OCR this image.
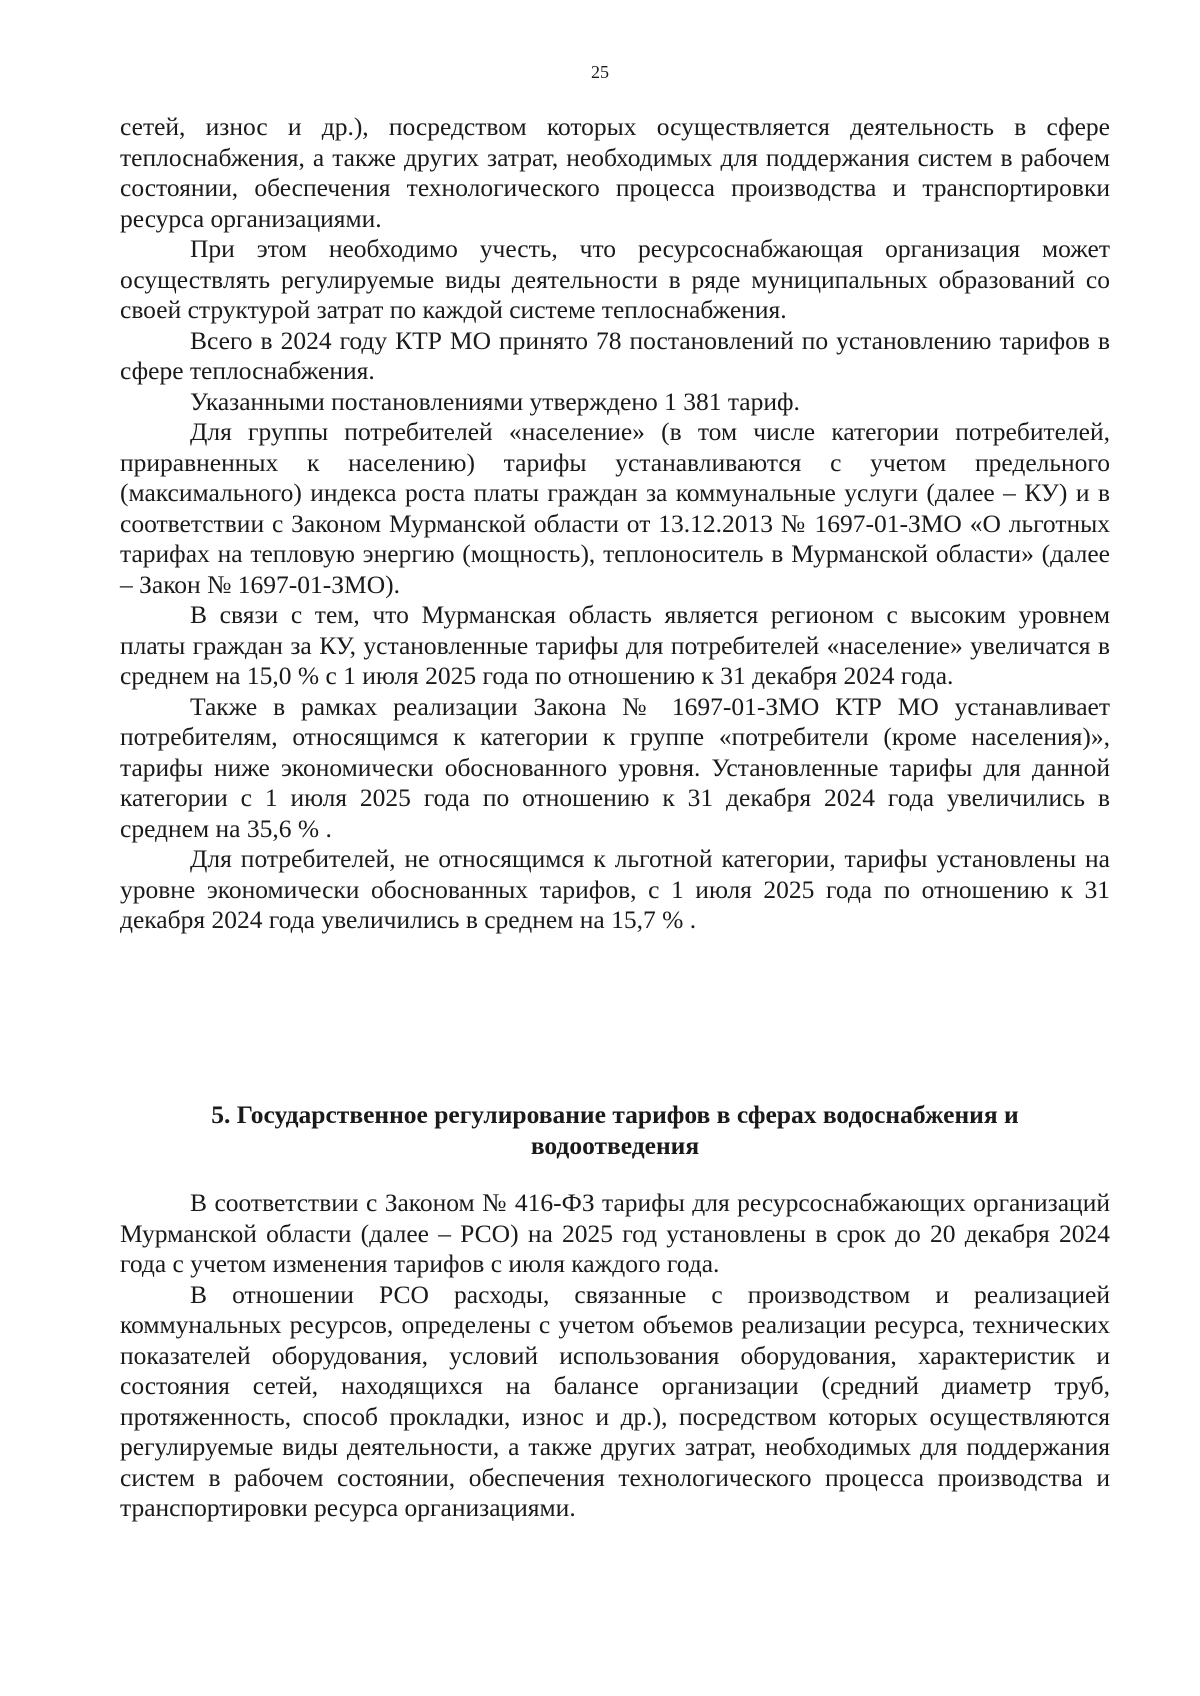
25

сетей, износ и др.), посредством которых осуществляется деятельность в сфере теплоснабжения, а также других затрат, необходимых для поддержания систем в рабочем состоянии, обеспечения технологического процесса производства и транспортировки ресурса организациями.

При этом необходимо учесть, что ресурсоснабжающая организация может осуществлять регулируемые виды деятельности в ряде муниципальных образований со своей структурой затрат по каждой системе теплоснабжения.

Всего в 2024 году КТР МО принято 78 постановлений по установлению тарифов в сфере теплоснабжения.

Указанными постановлениями утверждено 1 381 тариф.

Для группы потребителей «население» (в том числе категории потребителей, приравненных к населению) тарифы устанавливаются с учетом предельного (максимального) индекса роста платы граждан за коммунальные услуги (далее – КУ) и в соответствии с Законом Мурманской области от 13.12.2013 № 1697-01-ЗМО «О льготных тарифах на тепловую энергию (мощность), теплоноситель в Мурманской области» (далее – Закон № 1697-01-ЗМО).

В связи с тем, что Мурманская область является регионом с высоким уровнем платы граждан за КУ, установленные тарифы для потребителей «население» увеличатся в среднем на 15,0 % с 1 июля 2025 года по отношению к 31 декабря 2024 года.

Также в рамках реализации Закона № 1697-01-ЗМО КТР МО устанавливает потребителям, относящимся к категории к группе «потребители (кроме населения)», тарифы ниже экономически обоснованного уровня. Установленные тарифы для данной категории с 1 июля 2025 года по отношению к 31 декабря 2024 года увеличились в среднем на 35,6 % .

Для потребителей, не относящимся к льготной категории, тарифы установлены на уровне экономически обоснованных тарифов, с 1 июля 2025 года по отношению к 31 декабря 2024 года увеличились в среднем на 15,7 % .

5. Государственное регулирование тарифов в сферах водоснабжения и
водоотведения

В соответствии с Законом № 416-ФЗ тарифы для ресурсоснабжающих организаций Мурманской области (далее – РСО) на 2025 год установлены в срок до 20 декабря 2024 года с учетом изменения тарифов с июля каждого года.

В отношении РСО расходы, связанные с производством и реализацией коммунальных ресурсов, определены с учетом объемов реализации ресурса, технических показателей оборудования, условий использования оборудования, характеристик и состояния сетей, находящихся на балансе организации (средний диаметр труб, протяженность, способ прокладки, износ и др.), посредством которых осуществляются регулируемые виды деятельности, а также других затрат, необходимых для поддержания систем в рабочем состоянии, обеспечения технологического процесса производства и транспортировки ресурса организациями.
